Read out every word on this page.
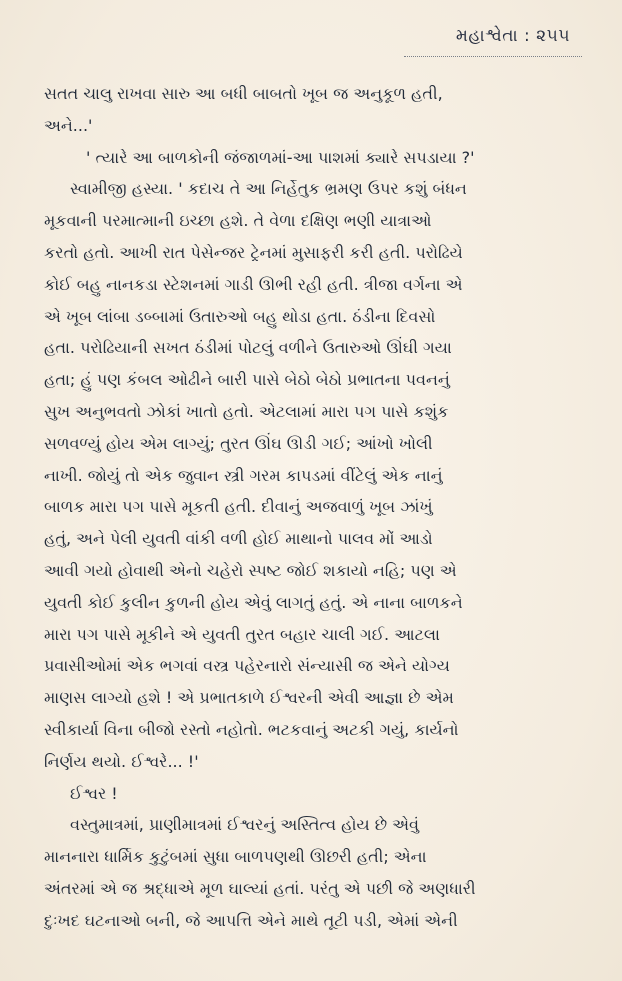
મહાશ્વેતા : ૨૫૫
સતત ચાલુ રાખવા સારુ આ બધી બાબતો ખૂબ જ અનુકૂળ હતી,
અને...'
' ત્યારે આ બાળકોની જંજાળમાં-આ પાશમાં ક્યારે સપડાયા ?'
સ્વામીજી હસ્યા. ' કદાચ તે આ નિર્હેતુક ભ્રમણ ઉપર કશું બંધન
મૂકવાની પરમાત્માની ઇચ્છા હશે. તે વેળા દક્ષિણ ભણી યાત્રાઓ
કરતો હતો. આખી રાત પેસેન્જર ટ્રેનમાં મુસાફરી કરી હતી. પરોઢિયે
કોઈ બહુ નાનકડા સ્ટેશનમાં ગાડી ઊભી રહી હતી. ત્રીજા વર્ગના એ
એ ખૂબ લાંબા ડબ્બામાં ઉતારુઓ બહુ થોડા હતા. ઠંડીના દિવસો
હતા. પરોઢિયાની સખત ઠંડીમાં પોટલું વળીને ઉતારુઓ ઊંઘી ગયા
હતા; હું પણ કંબલ ઓઢીને બારી પાસે બેઠો બેઠો પ્રભાતના પવનનું
સુખ અનુભવતો ઝોકાં ખાતો હતો. એટલામાં મારા પગ પાસે કશુંક
સળવળ્યું હોય એમ લાગ્યું; તુરત ઊંઘ ઊડી ગઈ; આંખો ખોલી
નાખી. જોયું તો એક જુવાન સ્ત્રી ગરમ કાપડમાં વીંટેલું એક નાનું
બાળક મારા પગ પાસે મૂકતી હતી. દીવાનું અજવાળું ખૂબ ઝાંખું
હતું, અને પેલી યુવતી વાંકી વળી હોઈ માથાનો પાલવ મોં આડો
આવી ગયો હોવાથી એનો ચહેરો સ્પષ્ટ જોઈ શકાયો નહિ; પણ એ
યુવતી કોઈ કુલીન કુળની હોય એવું લાગતું હતું. એ નાના બાળકને
મારા પગ પાસે મૂકીને એ યુવતી તુરત બહાર ચાલી ગઈ. આટલા
પ્રવાસીઓમાં એક ભગવાં વસ્ત્ર પહેરનારો સંન્યાસી જ એને યોગ્ય
માણસ લાગ્યો હશે ! એ પ્રભાતકાળે ઈશ્વરની એવી આજ્ઞા છે એમ
સ્વીકાર્યા વિના બીજો રસ્તો નહોતો. ભટકવાનું અટકી ગયું, કાર્યનો
નિર્ણય થયો. ઈશ્વરે... !'
ઈશ્વર !
વસ્તુમાત્રમાં, પ્રાણીમાત્રમાં ઈશ્વરનું અસ્તિત્વ હોય છે એવું
માનનારા ધાર્મિક કુટુંબમાં સુધા બાળપણથી ઊછરી હતી; એના
અંતરમાં એ જ શ્રદ્ધાએ મૂળ ઘાલ્યાં હતાં. પરંતુ એ પછી જે અણધારી
દુઃખદ ઘટનાઓ બની, જે આપત્તિ એને માથે તૂટી પડી, એમાં એની
